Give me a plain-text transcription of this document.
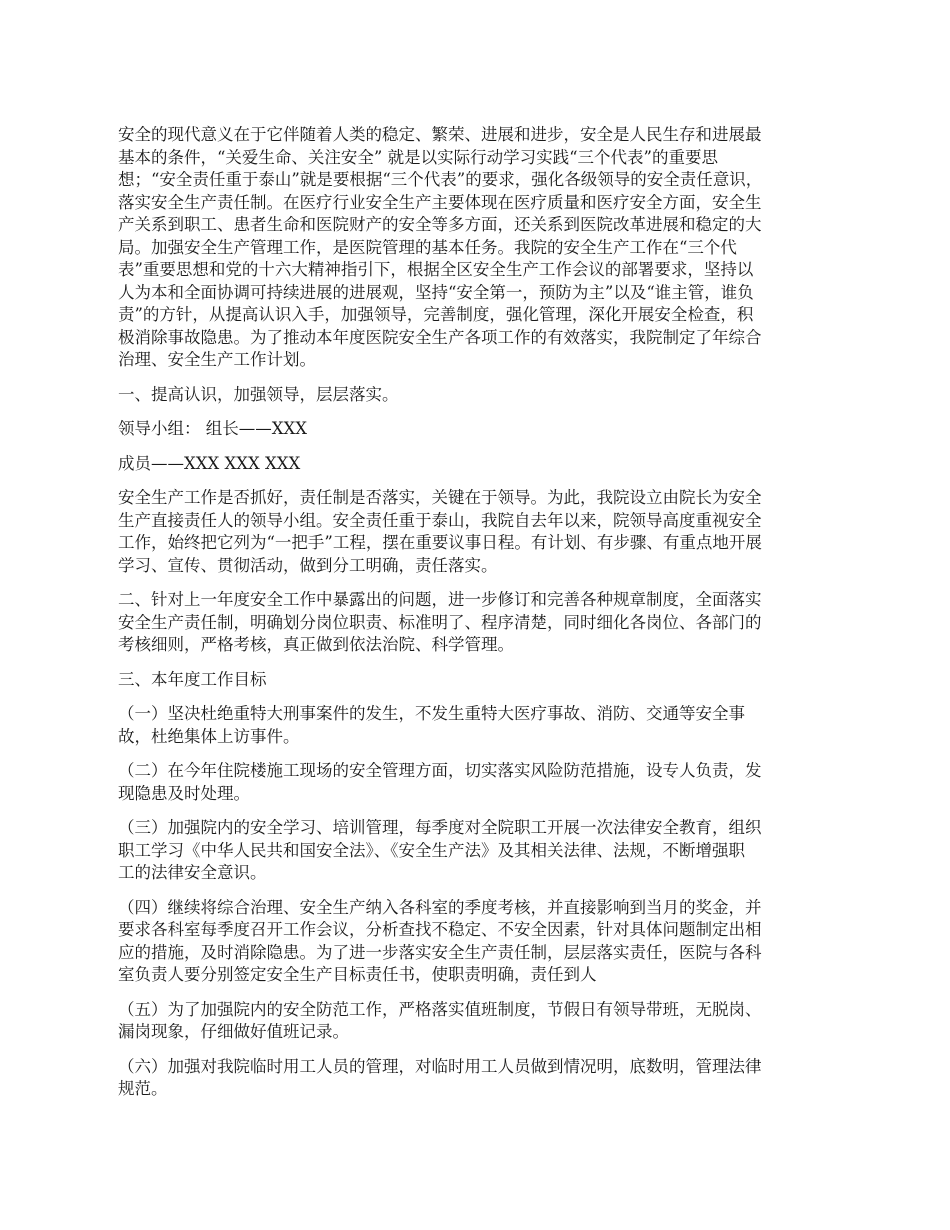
安全的现代意义在于它伴随着人类的稳定、繁荣、进展和进步，安全是人民生存和进展最
基本的条件，“关爱生命、关注安全” 就是以实际行动学习实践“三个代表”的重要思
想；“安全责任重于泰山”就是要根据“三个代表”的要求，强化各级领导的安全责任意识，
落实安全生产责任制。在医疗行业安全生产主要体现在医疗质量和医疗安全方面，安全生
产关系到职工、患者生命和医院财产的安全等多方面，还关系到医院改革进展和稳定的大
局。加强安全生产管理工作，是医院管理的基本任务。我院的安全生产工作在“三个代
表”重要思想和党的十六大精神指引下，根据全区安全生产工作会议的部署要求，坚持以
人为本和全面协调可持续进展的进展观，坚持“安全第一，预防为主”以及“谁主管，谁负
责”的方针，从提高认识入手，加强领导，完善制度，强化管理，深化开展安全检查，积
极消除事故隐患。为了推动本年度医院安全生产各项工作的有效落实，我院制定了年综合
治理、安全生产工作计划。
一、提高认识，加强领导，层层落实。
领导小组： 组长——XXX
成员——XXX XXX XXX
安全生产工作是否抓好，责任制是否落实，关键在于领导。为此，我院设立由院长为安全
生产直接责任人的领导小组。安全责任重于泰山，我院自去年以来，院领导高度重视安全
工作，始终把它列为“一把手”工程，摆在重要议事日程。有计划、有步骤、有重点地开展
学习、宣传、贯彻活动，做到分工明确，责任落实。
二、针对上一年度安全工作中暴露出的问题，进一步修订和完善各种规章制度，全面落实
安全生产责任制，明确划分岗位职责、标准明了、程序清楚，同时细化各岗位、各部门的
考核细则，严格考核，真正做到依法治院、科学管理。
三、本年度工作目标
（一）坚决杜绝重特大刑事案件的发生，不发生重特大医疗事故、消防、交通等安全事
故，杜绝集体上访事件。
（二）在今年住院楼施工现场的安全管理方面，切实落实风险防范措施，设专人负责，发
现隐患及时处理。
（三）加强院内的安全学习、培训管理，每季度对全院职工开展一次法律安全教育，组织
职工学习《中华人民共和国安全法》、《安全生产法》及其相关法律、法规，不断增强职
工的法律安全意识。
（四）继续将综合治理、安全生产纳入各科室的季度考核，并直接影响到当月的奖金，并
要求各科室每季度召开工作会议，分析查找不稳定、不安全因素，针对具体问题制定出相
应的措施，及时消除隐患。为了进一步落实安全生产责任制，层层落实责任，医院与各科
室负责人要分别签定安全生产目标责任书，使职责明确，责任到人
（五）为了加强院内的安全防范工作，严格落实值班制度，节假日有领导带班，无脱岗、
漏岗现象，仔细做好值班记录。
（六）加强对我院临时用工人员的管理，对临时用工人员做到情况明，底数明，管理法律
规范。
